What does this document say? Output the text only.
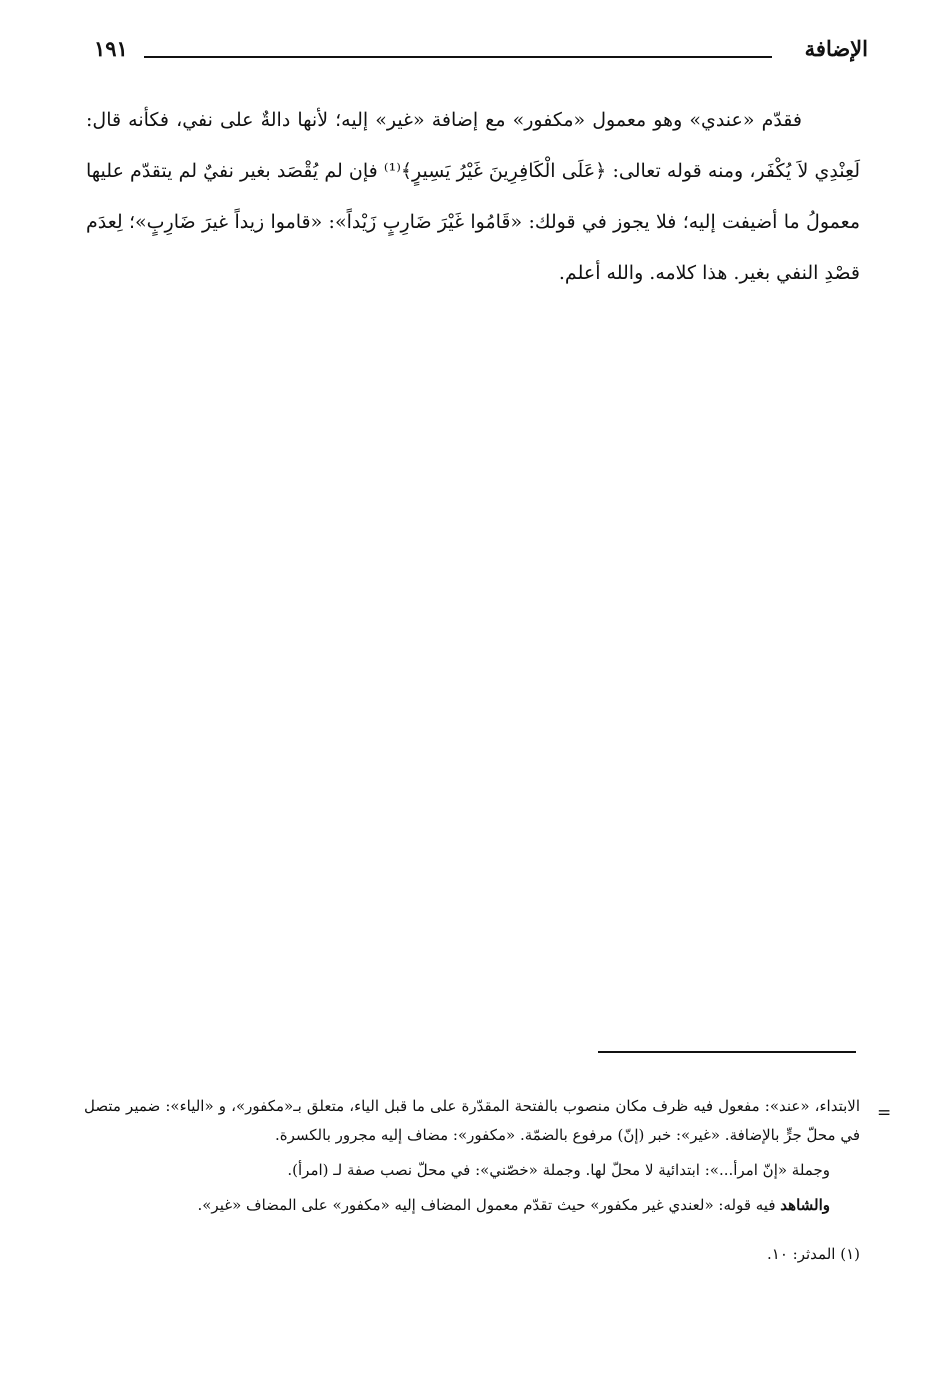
الإضافة
١٩١

فقدّم «عندي» وهو معمول «مكفور» مع إضافة «غير» إليه؛ لأنها دالةٌ على نفي، فكأنه قال: لَعِنْدِي لاَ يُكْفَر، ومنه قوله تعالى: ﴿عَلَى الْكَافِرِينَ غَيْرُ يَسِيرٍ﴾⁽¹⁾ فإن لم يُقْصَد بغير نفيٌ لم يتقدّم عليها معمولُ ما أضيفت إليه؛ فلا يجوز في قولك: «قَامُوا غَيْرَ ضَارِبٍ زَيْداً»: «قاموا زيداً غيرَ ضَارِبٍ»؛ لِعدَم قصْدِ النفي بغير. هذا كلامه. والله أعلم.

=

الابتداء، «عند»: مفعول فيه ظرف مكان منصوب بالفتحة المقدّرة على ما قبل الياء، متعلق بـ«مكفور»، و «الياء»: ضمير متصل في محلّ جرٍّ بالإضافة. «غير»: خبر (إنّ) مرفوع بالضمّة. «مكفور»: مضاف إليه مجرور بالكسرة.

وجملة «إنّ امرأ...»: ابتدائية لا محلّ لها. وجملة «خصّني»: في محلّ نصب صفة لـ (امرأ).

والشاهد فيه قوله: «لعندي غير مكفور» حيث تقدّم معمول المضاف إليه «مكفور» على المضاف «غير».

(١) المدثر: ١٠.
